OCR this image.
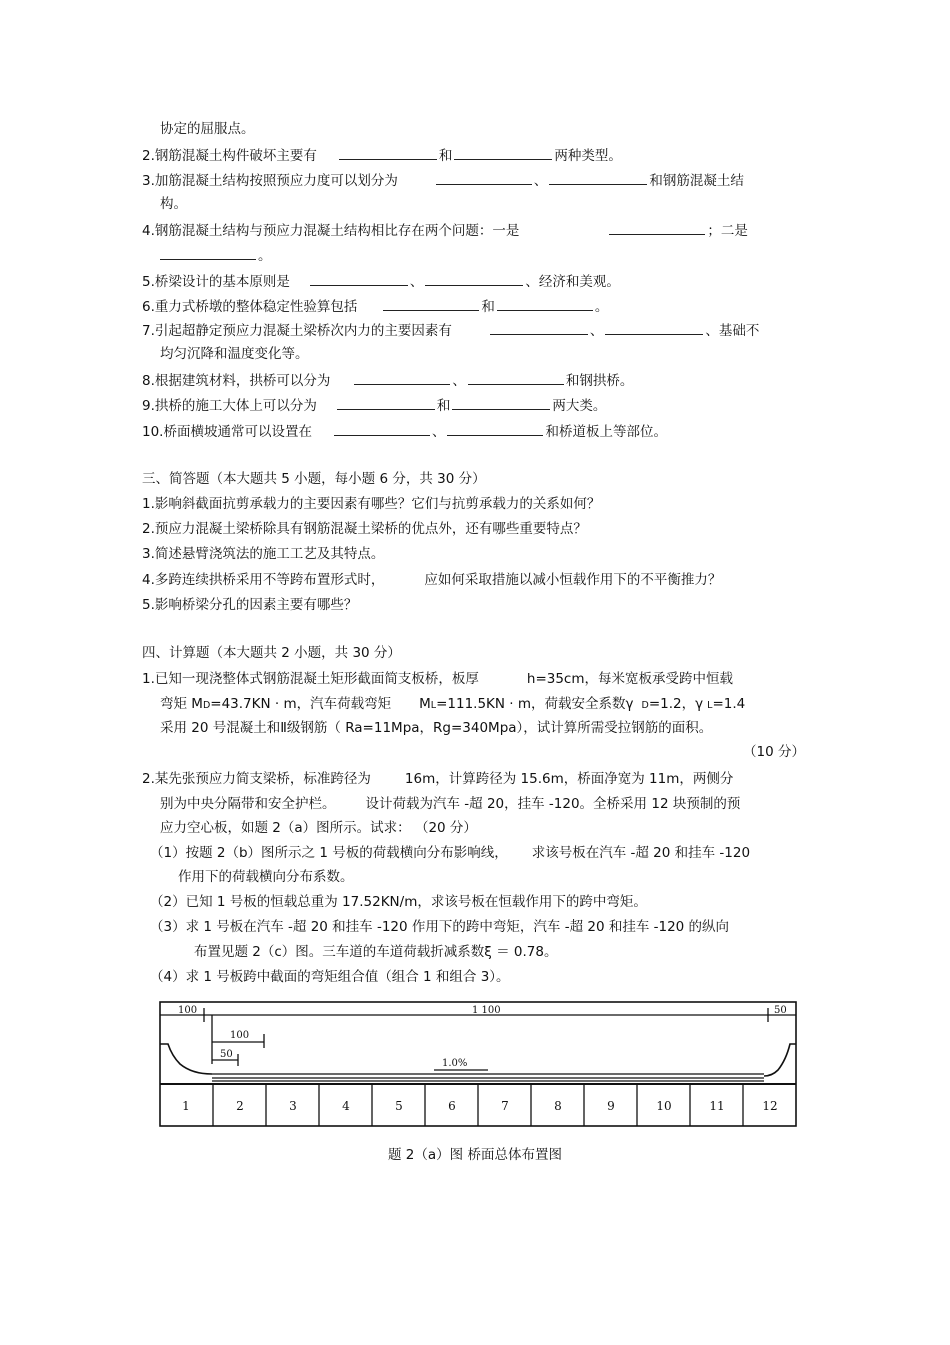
协定的屈服点。
2.钢筋混凝土构件破坏主要有	和	两种类型。
3.加筋混凝土结构按照预应力度可以划分为	、	和钢筋混凝土结
构。
4.钢筋混凝土结构与预应力混凝土结构相比存在两个问题：一是	；二是
。
5.桥梁设计的基本原则是	、	、经济和美观。
6.重力式桥墩的整体稳定性验算包括	和	。
7.引起超静定预应力混凝土梁桥次内力的主要因素有	、	、基础不
均匀沉降和温度变化等。
8.根据建筑材料，拱桥可以分为	、	和钢拱桥。
9.拱桥的施工大体上可以分为	和	两大类。
10.桥面横坡通常可以设置在	、	和桥道板上等部位。
三、简答题（本大题共 5 小题，每小题 6 分，共 30 分）
1.影响斜截面抗剪承载力的主要因素有哪些？它们与抗剪承载力的关系如何？
2.预应力混凝土梁桥除具有钢筋混凝土梁桥的优点外，还有哪些重要特点？
3.简述悬臂浇筑法的施工工艺及其特点。
4.多跨连续拱桥采用不等跨布置形式时，	应如何采取措施以减小恒载作用下的不平衡推力？
5.影响桥梁分孔的因素主要有哪些？
四、计算题（本大题共 2 小题，共 30 分）
1.已知一现浇整体式钢筋混凝土矩形截面简支板桥，板厚	h=35cm，每米宽板承受跨中恒载
弯矩 MD=43.7KN · m，汽车荷载弯矩 ML=111.5KN · m，荷载安全系数γ D=1.2，γ L=1.4
采用 20 号混凝土和Ⅱ级钢筋（ Ra=11Mpa，Rg=340Mpa），试计算所需受拉钢筋的面积。
（10 分）
2.某先张预应力简支梁桥，标准跨径为	16m，计算跨径为 15.6m，桥面净宽为 11m，两侧分
别为中央分隔带和安全护栏。 设计荷载为汽车 -超 20，挂车 -120。全桥采用 12 块预制的预
应力空心板，如题 2（a）图所示。试求： （20 分）
（1）按题 2（b）图所示之 1 号板的荷载横向分布影响线， 求该号板在汽车 -超 20 和挂车 -120
作用下的荷载横向分布系数。
（2）已知 1 号板的恒载总重为 17.52KN/m，求该号板在恒载作用下的跨中弯矩。
（3）求 1 号板在汽车 -超 20 和挂车 -120 作用下的跨中弯矩，汽车 -超 20 和挂车 -120 的纵向
布置见题 2（c）图。三车道的车道荷载折减系数ξ ＝ 0.78。
（4）求 1 号板跨中截面的弯矩组合值（组合 1 和组合 3）。
100	1 100	50
100
50
1.0%
1	2	3	4	5	6	7	8	9	10	11	12
题 2（a）图 桥面总体布置图
